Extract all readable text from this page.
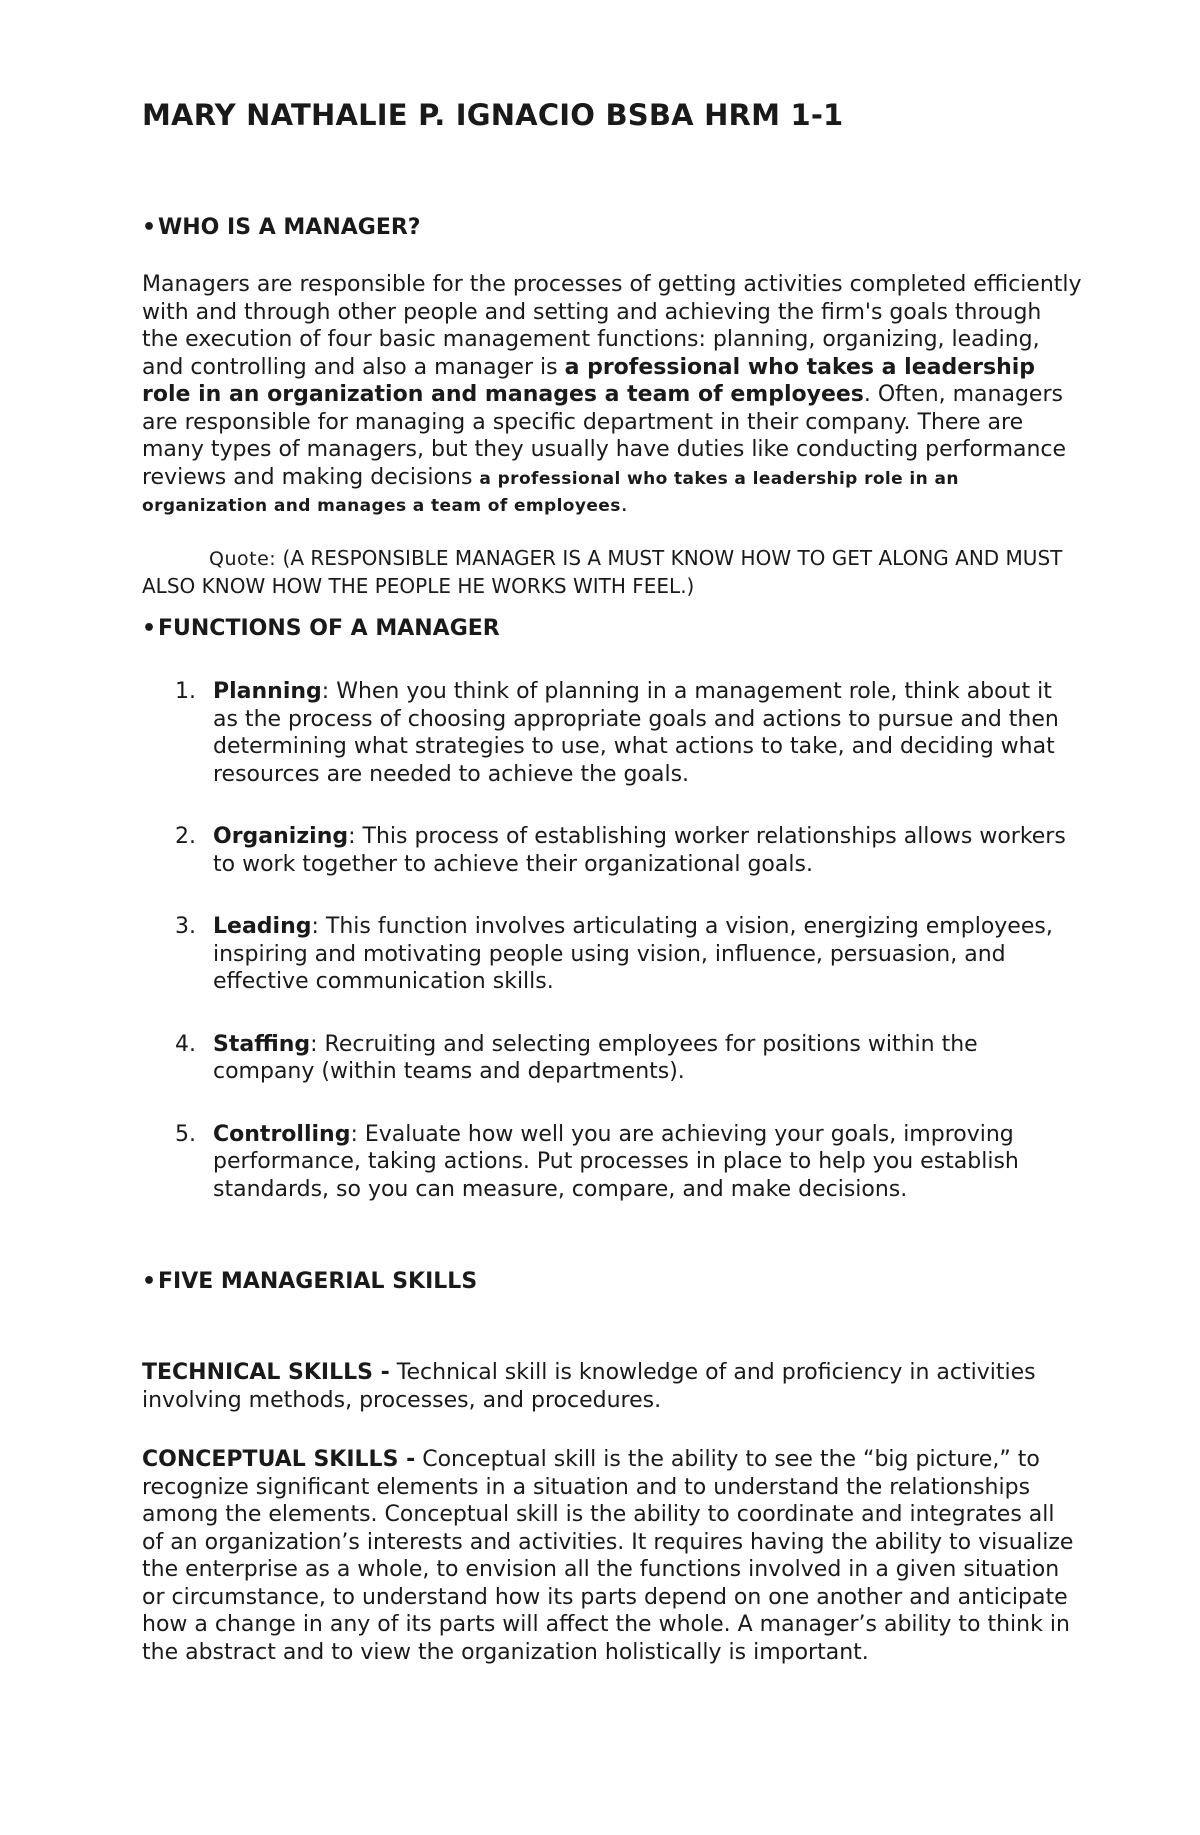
MARY NATHALIE P. IGNACIO BSBA HRM 1-1
•WHO IS A MANAGER?

Managers are responsible for the processes of getting activities completed efficiently with and through other people and setting and achieving the firm's goals through the execution of four basic management functions: planning, organizing, leading, and controlling and also a manager is a professional who takes a leadership role in an organization and manages a team of employees. Often, managers are responsible for managing a specific department in their company. There are many types of managers, but they usually have duties like conducting performance reviews and making decisions a professional who takes a leadership role in an organization and manages a team of employees.

Quote: (A RESPONSIBLE MANAGER IS A MUST KNOW HOW TO GET ALONG AND MUST ALSO KNOW HOW THE PEOPLE HE WORKS WITH FEEL.)

•FUNCTIONS OF A MANAGER
1. Planning: When you think of planning in a management role, think about it as the process of choosing appropriate goals and actions to pursue and then determining what strategies to use, what actions to take, and deciding what resources are needed to achieve the goals.
2. Organizing: This process of establishing worker relationships allows workers to work together to achieve their organizational goals.
3. Leading: This function involves articulating a vision, energizing employees, inspiring and motivating people using vision, influence, persuasion, and effective communication skills.
4. Staffing: Recruiting and selecting employees for positions within the company (within teams and departments).
5. Controlling: Evaluate how well you are achieving your goals, improving performance, taking actions. Put processes in place to help you establish standards, so you can measure, compare, and make decisions.
•FIVE MANAGERIAL SKILLS

TECHNICAL SKILLS - Technical skill is knowledge of and proficiency in activities involving methods, processes, and procedures.

CONCEPTUAL SKILLS - Conceptual skill is the ability to see the “big picture,” to recognize significant elements in a situation and to understand the relationships among the elements. Conceptual skill is the ability to coordinate and integrates all of an organization’s interests and activities. It requires having the ability to visualize the enterprise as a whole, to envision all the functions involved in a given situation or circumstance, to understand how its parts depend on one another and anticipate how a change in any of its parts will affect the whole. A manager’s ability to think in the abstract and to view the organization holistically is important.
